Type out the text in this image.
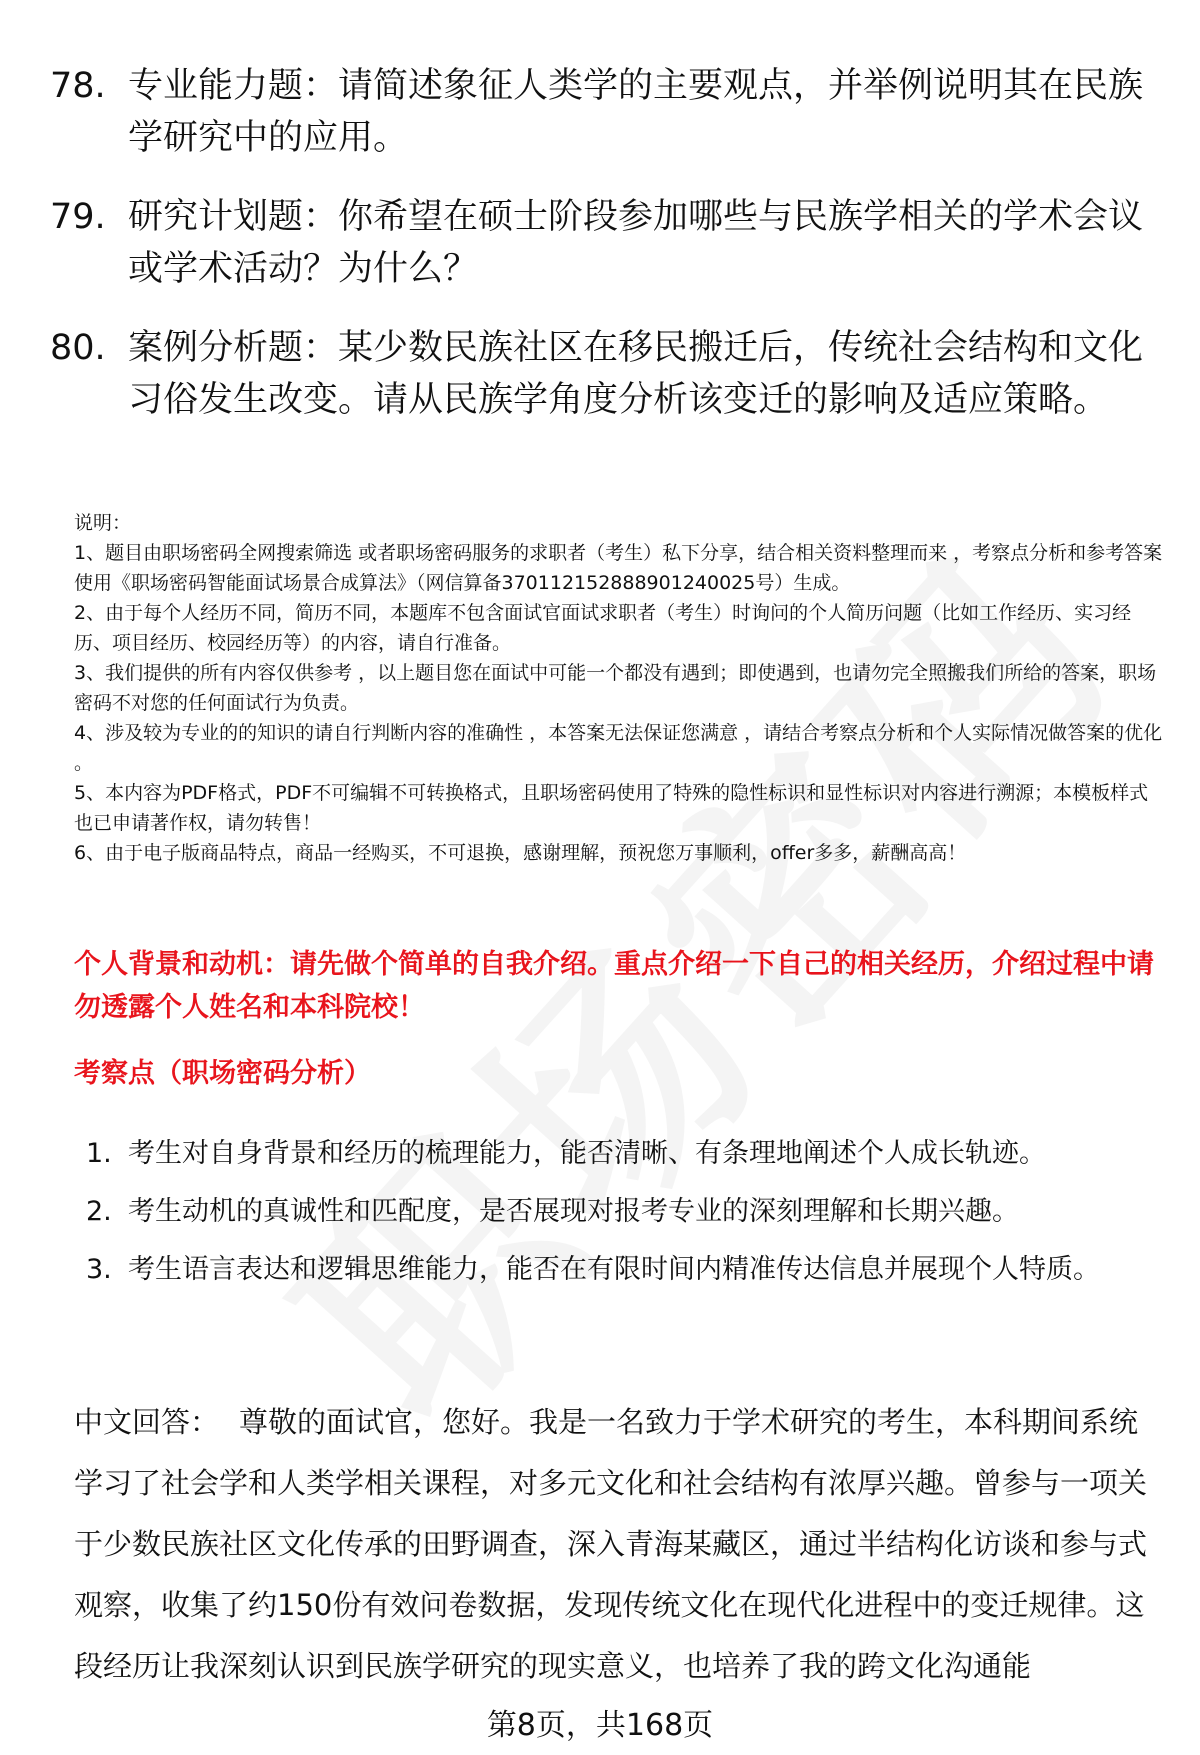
78. 专业能力题：请简述象征人类学的主要观点，并举例说明其在民族学研究中的应用。
79. 研究计划题：你希望在硕士阶段参加哪些与民族学相关的学术会议或学术活动？为什么？
80. 案例分析题：某少数民族社区在移民搬迁后，传统社会结构和文化习俗发生改变。请从民族学角度分析该变迁的影响及适应策略。
说明：
1、题目由职场密码全网搜索筛选 或者职场密码服务的求职者（考生）私下分享，结合相关资料整理而来 ，考察点分析和参考答案使用《职场密码智能面试场景合成算法》（网信算备370112152888901240025号）生成。
2、由于每个人经历不同，简历不同，本题库不包含面试官面试求职者（考生）时询问的个人简历问题（比如工作经历、实习经历、项目经历、校园经历等）的内容，请自行准备。
3、我们提供的所有内容仅供参考 ，以上题目您在面试中可能一个都没有遇到；即使遇到，也请勿完全照搬我们所给的答案，职场密码不对您的任何面试行为负责。
4、涉及较为专业的的知识的请自行判断内容的准确性 ，本答案无法保证您满意 ，请结合考察点分析和个人实际情况做答案的优化 。
5、本内容为PDF格式，PDF不可编辑不可转换格式，且职场密码使用了特殊的隐性标识和显性标识对内容进行溯源；本模板样式也已申请著作权，请勿转售！
6、由于电子版商品特点，商品一经购买，不可退换，感谢理解，预祝您万事顺利，offer多多，薪酬高高！
个人背景和动机：请先做个简单的自我介绍。重点介绍一下自己的相关经历，介绍过程中请勿透露个人姓名和本科院校！
考察点（职场密码分析）
1. 考生对自身背景和经历的梳理能力，能否清晰、有条理地阐述个人成长轨迹。
2. 考生动机的真诚性和匹配度，是否展现对报考专业的深刻理解和长期兴趣。
3. 考生语言表达和逻辑思维能力，能否在有限时间内精准传达信息并展现个人特质。
中文回答： 尊敬的面试官，您好。我是一名致力于学术研究的考生，本科期间系统学习了社会学和人类学相关课程，对多元文化和社会结构有浓厚兴趣。曾参与一项关于少数民族社区文化传承的田野调查，深入青海某藏区，通过半结构化访谈和参与式观察，收集了约150份有效问卷数据，发现传统文化在现代化进程中的变迁规律。这段经历让我深刻认识到民族学研究的现实意义，也培养了我的跨文化沟通能
第8页，共168页
